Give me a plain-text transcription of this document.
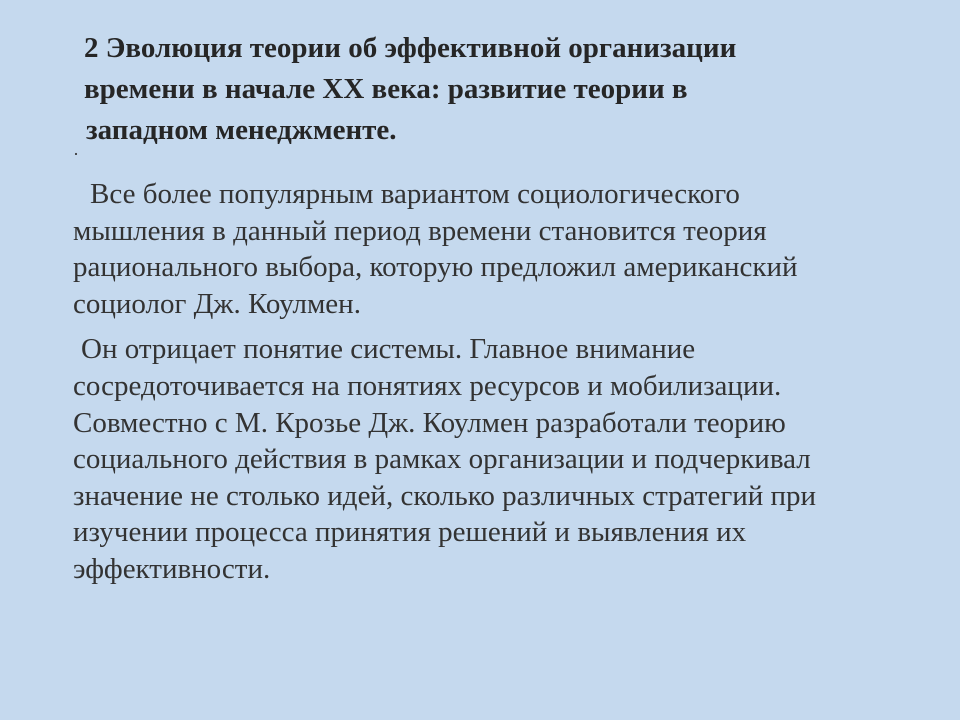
2 Эволюция теории об эффективной организации
времени в начале XX века: развитие теории в
западном менеджменте.
·

Все более популярным вариантом социологического
мышления в данный период времени становится теория
рационального выбора, которую предложил американский
социолог Дж. Коулмен.

Он отрицает понятие системы. Главное внимание
сосредоточивается на понятиях ресурсов и мобилизации.
Совместно с М. Крозье Дж. Коулмен разработали теорию
социального действия в рамках организации и подчеркивал
значение не столько идей, сколько различных стратегий при
изучении процесса принятия решений и выявления их
эффективности.
